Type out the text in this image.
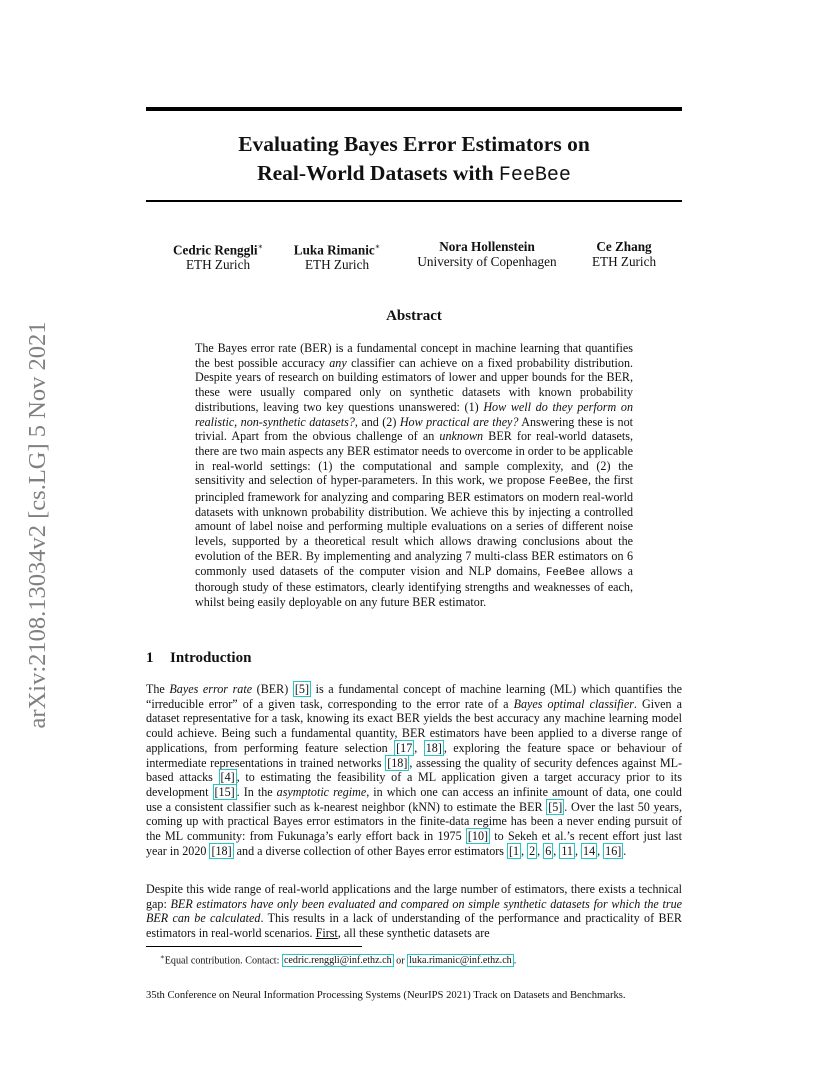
arXiv:2108.13034v2 [cs.LG] 5 Nov 2021
Evaluating Bayes Error Estimators on
Real-World Datasets with FeeBee
Cedric Renggli∗
ETH Zurich
Luka Rimanic∗
ETH Zurich
Nora Hollenstein
University of Copenhagen
Ce Zhang
ETH Zurich
Abstract

The Bayes error rate (BER) is a fundamental concept in machine learning that quantifies the best possible accuracy any classifier can achieve on a fixed probability distribution. Despite years of research on building estimators of lower and upper bounds for the BER, these were usually compared only on synthetic datasets with known probability distributions, leaving two key questions unanswered: (1) How well do they perform on realistic, non-synthetic datasets?, and (2) How practical are they? Answering these is not trivial. Apart from the obvious challenge of an unknown BER for real-world datasets, there are two main aspects any BER estimator needs to overcome in order to be applicable in real-world settings: (1) the computational and sample complexity, and (2) the sensitivity and selection of hyper-parameters. In this work, we propose FeeBee, the first principled framework for analyzing and comparing BER estimators on modern real-world datasets with unknown probability distribution. We achieve this by injecting a controlled amount of label noise and performing multiple evaluations on a series of different noise levels, supported by a theoretical result which allows drawing conclusions about the evolution of the BER. By implementing and analyzing 7 multi-class BER estimators on 6 commonly used datasets of the computer vision and NLP domains, FeeBee allows a thorough study of these estimators, clearly identifying strengths and weaknesses of each, whilst being easily deployable on any future BER estimator.

1 Introduction

The Bayes error rate (BER) [5] is a fundamental concept of machine learning (ML) which quantifies the “irreducible error” of a given task, corresponding to the error rate of a Bayes optimal classifier. Given a dataset representative for a task, knowing its exact BER yields the best accuracy any machine learning model could achieve. Being such a fundamental quantity, BER estimators have been applied to a diverse range of applications, from performing feature selection [17 , 18] , exploring the feature space or behaviour of intermediate representations in trained networks [18] , assessing the quality of security defences against ML-based attacks [4] , to estimating the feasibility of a ML application given a target accuracy prior to its development [15] . In the asymptotic regime, in which one can access an infinite amount of data, one could use a consistent classifier such as k-nearest neighbor (kNN) to estimate the BER [5] . Over the last 50 years, coming up with practical Bayes error estimators in the finite-data regime has been a never ending pursuit of the ML community: from Fukunaga’s early effort back in 1975 [10] to Sekeh et al.’s recent effort just last year in 2020 [18] and a diverse collection of other Bayes error estimators [1 , 2 , 6 , 11 , 14 , 16] .

Despite this wide range of real-world applications and the large number of estimators, there exists a technical gap: BER estimators have only been evaluated and compared on simple synthetic datasets for which the true BER can be calculated. This results in a lack of understanding of the performance and practicality of BER estimators in real-world scenarios. First, all these synthetic datasets are

∗Equal contribution. Contact: cedric.renggli@inf.ethz.ch or luka.rimanic@inf.ethz.ch .

35th Conference on Neural Information Processing Systems (NeurIPS 2021) Track on Datasets and Benchmarks.
